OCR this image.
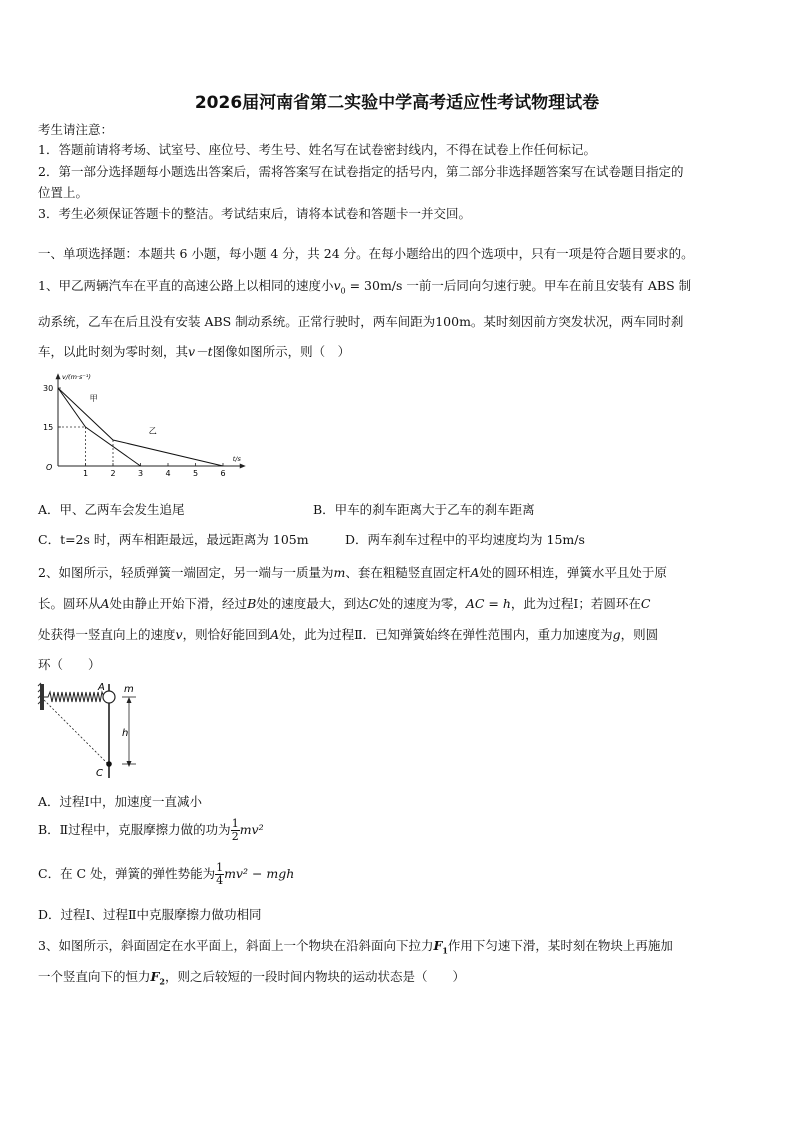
2026届河南省第二实验中学高考适应性考试物理试卷
考生请注意：
1．答题前请将考场、试室号、座位号、考生号、姓名写在试卷密封线内，不得在试卷上作任何标记。
2．第一部分选择题每小题选出答案后，需将答案写在试卷指定的括号内，第二部分非选择题答案写在试卷题目指定的
位置上。
3．考生必须保证答题卡的整洁。考试结束后，请将本试卷和答题卡一并交回。
一、单项选择题：本题共 6 小题，每小题 4 分，共 24 分。在每小题给出的四个选项中，只有一项是符合题目要求的。
1、甲乙两辆汽车在平直的高速公路上以相同的速度小$v_0 = 30m/s$ 一前一后同向匀速行驶。甲车在前且安装有 ABS 制
动系统，乙车在后且没有安装 ABS 制动系统。正常行驶时，两车间距为100m。某时刻因前方突发状况，两车同时刹
车，以此时刻为零时刻，其v－t图像如图所示，则（　）
v/(m·s⁻¹)
t/s
O
1	2	3	4	5	6
15
30
甲
乙
A．甲、乙两车会发生追尾	B．甲车的刹车距离大于乙车的刹车距离
C．t=2s 时，两车相距最远，最远距离为 105m	D．两车刹车过程中的平均速度均为 15m/s
2、如图所示，轻质弹簧一端固定，另一端与一质量为m、套在粗糙竖直固定杆A处的圆环相连，弹簧水平且处于原
长。圆环从A处由静止开始下滑，经过B处的速度最大，到达C处的速度为零，AC = h，此为过程Ⅰ；若圆环在C
处获得一竖直向上的速度v，则恰好能回到A处，此为过程Ⅱ．已知弹簧始终在弹性范围内，重力加速度为g，则圆
环（　　）
A m
h
C
A．过程Ⅰ中，加速度一直减小
B．Ⅱ过程中，克服摩擦力做的功为 $\frac{1}{2} mv^2$
C．在 C 处，弹簧的弹性势能为 $\frac{1}{4} mv^2$ − mgh
D．过程Ⅰ、过程Ⅱ中克服摩擦力做功相同
3、如图所示，斜面固定在水平面上，斜面上一个物块在沿斜面向下拉力$F_1$作用下匀速下滑，某时刻在物块上再施加
一个竖直向下的恒力$F_2$，则之后较短的一段时间内物块的运动状态是（　　）
